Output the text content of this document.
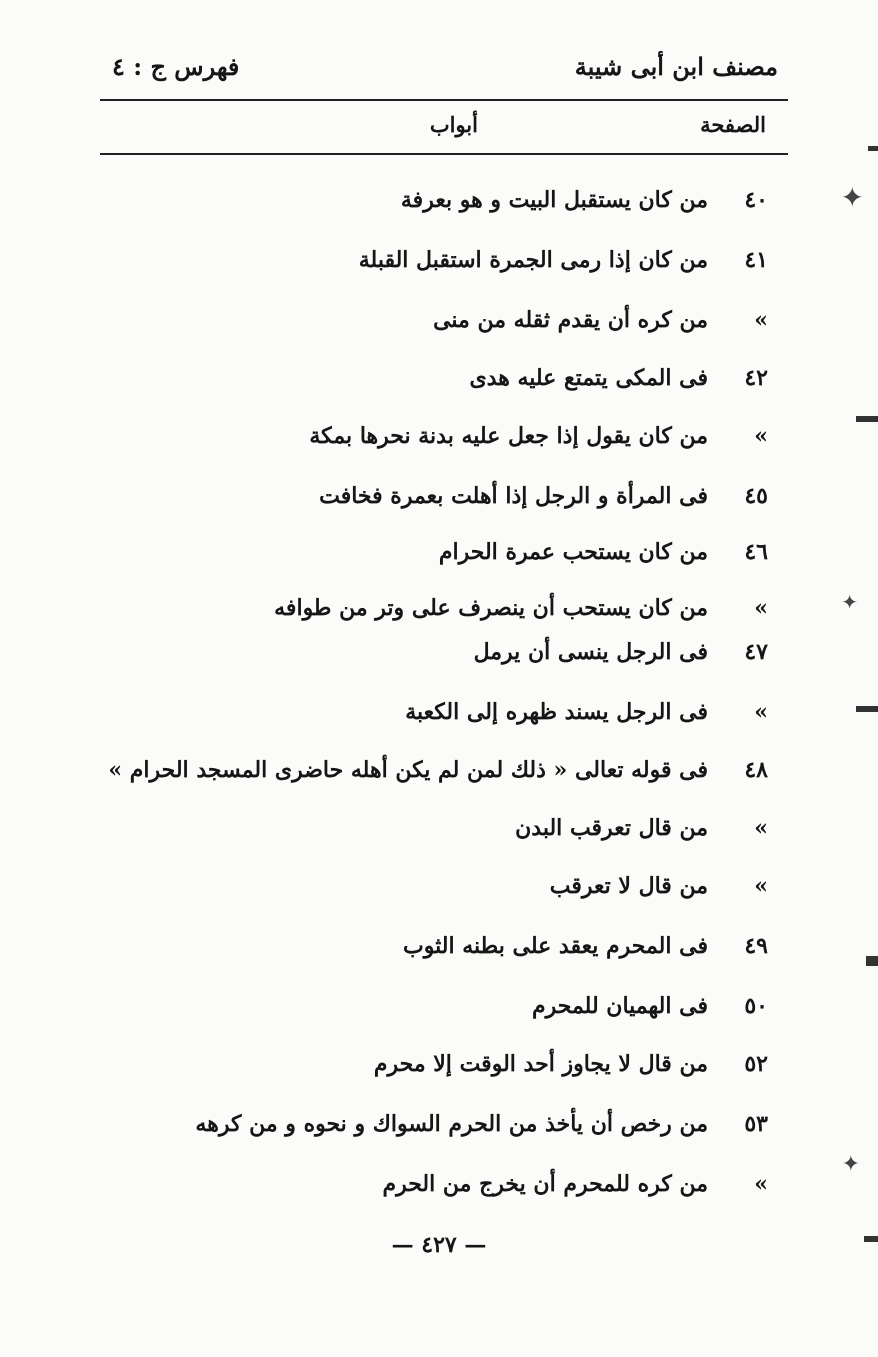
مصنف ابن أبى شيبة
فهرس ج : ٤
الصفحة
أبواب
٤٠
من كان يستقبل البيت و هو بعرفة
٤١
من كان إذا رمى الجمرة استقبل القبلة
»
من كره أن يقدم ثقله من منى
٤٢
فى المكى يتمتع عليه هدى
»
من كان يقول إذا جعل عليه بدنة نحرها بمكة
٤٥
فى المرأة و الرجل إذا أهلت بعمرة فخافت
٤٦
من كان يستحب عمرة الحرام
»
من كان يستحب أن ينصرف على وتر من طوافه
٤٧
فى الرجل ينسى أن يرمل
»
فى الرجل يسند ظهره إلى الكعبة
٤٨
فى قوله تعالى « ذلك لمن لم يكن أهله حاضرى المسجد الحرام »
»
من قال تعرقب البدن
»
من قال لا تعرقب
٤٩
فى المحرم يعقد على بطنه الثوب
٥٠
فى الهميان للمحرم
٥٢
من قال لا يجاوز أحد الوقت إلا محرم
٥٣
من رخص أن يأخذ من الحرم السواك و نحوه و من كرهه
»
من كره للمحرم أن يخرج من الحرم
— ٤٢٧ —
✦
✦
✦
